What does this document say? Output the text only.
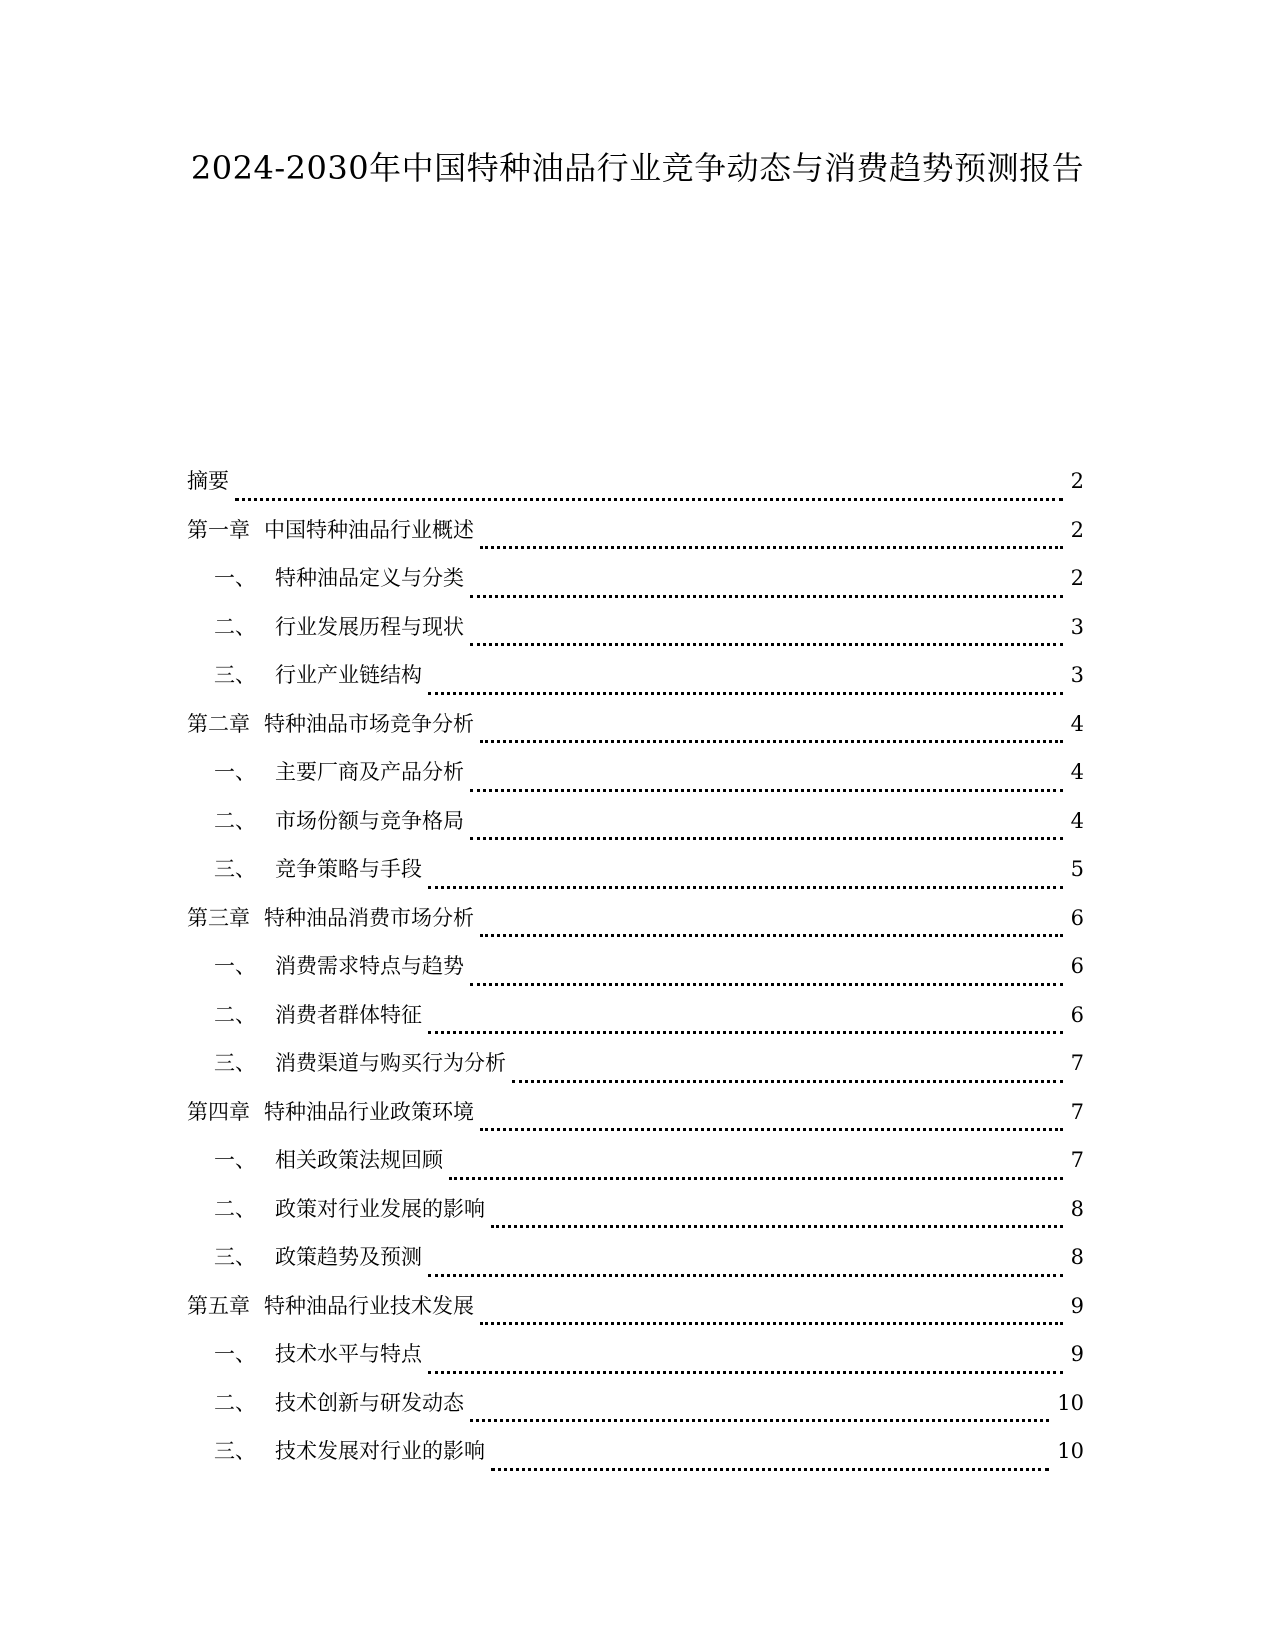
2024-2030年中国特种油品行业竞争动态与消费趋势预测报告
摘要	2
第一章 中国特种油品行业概述	2
一、 特种油品定义与分类	2
二、 行业发展历程与现状	3
三、 行业产业链结构	3
第二章 特种油品市场竞争分析	4
一、 主要厂商及产品分析	4
二、 市场份额与竞争格局	4
三、 竞争策略与手段	5
第三章 特种油品消费市场分析	6
一、 消费需求特点与趋势	6
二、 消费者群体特征	6
三、 消费渠道与购买行为分析	7
第四章 特种油品行业政策环境	7
一、 相关政策法规回顾	7
二、 政策对行业发展的影响	8
三、 政策趋势及预测	8
第五章 特种油品行业技术发展	9
一、 技术水平与特点	9
二、 技术创新与研发动态	10
三、 技术发展对行业的影响	10
